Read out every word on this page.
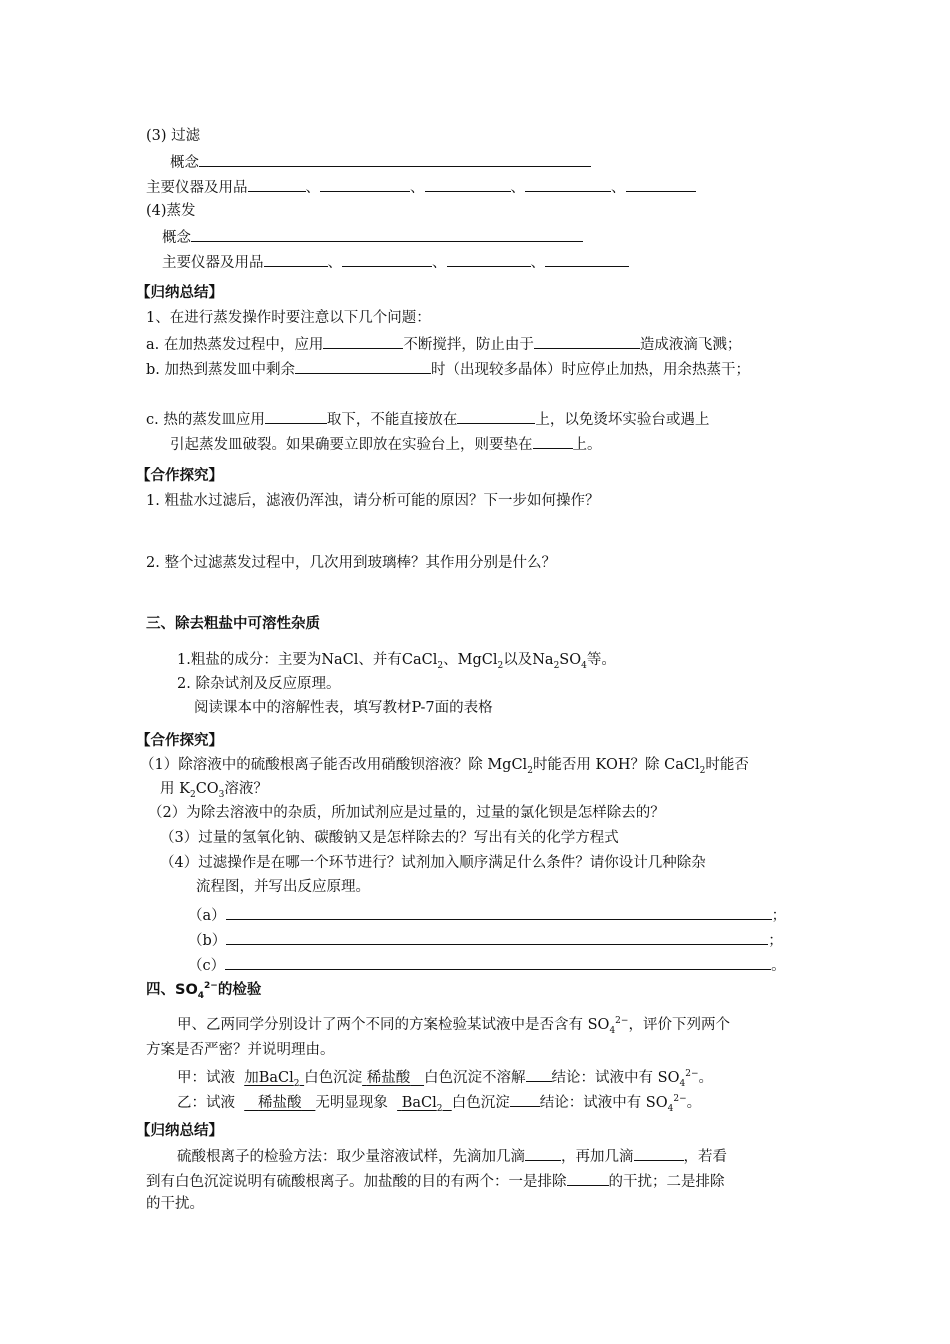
(3) 过滤
概念
主要仪器及用品	、	、	、	、
(4)蒸发
概念
主要仪器及用品	、	、	、
【归纳总结】
1、在进行蒸发操作时要注意以下几个问题：
a. 在加热蒸发过程中，应用	不断搅拌，防止由于	造成液滴飞溅；
b. 加热到蒸发皿中剩余	时（出现较多晶体）时应停止加热，用余热蒸干；
c. 热的蒸发皿应用	取下，不能直接放在	上，以免烫坏实验台或遇上
引起蒸发皿破裂。如果确要立即放在实验台上，则要垫在	上。
【合作探究】
1. 粗盐水过滤后，滤液仍浑浊，请分析可能的原因？下一步如何操作？
2. 整个过滤蒸发过程中，几次用到玻璃棒？其作用分别是什么？
三、除去粗盐中可溶性杂质
1.粗盐的成分：主要为NaCl、并有CaCl$_2$、MgCl$_2$以及$Na_2SO_4$等。
2. 除杂试剂及反应原理。
阅读课本中的溶解性表，填写教材P-7面的表格
【合作探究】
（1）除溶液中的硫酸根离子能否改用硝酸钡溶液？除 MgCl$_2$时能否用 KOH？除 CaCl$_2$时能否
用 $K_2CO_3$溶液？
（2）为除去溶液中的杂质，所加试剂应是过量的，过量的氯化钡是怎样除去的？
（3）过量的氢氧化钠、碳酸钠又是怎样除去的？写出有关的化学方程式
（4）过滤操作是在哪一个环节进行？试剂加入顺序满足什么条件？请你设计几种除杂
流程图，并写出反应原理。
（a）	；
（b）	；
（c）	。
四、$SO_4^{2-}$的检验
甲、乙两同学分别设计了两个不同的方案检验某试液中是否含有 $SO_4^{2-}$，评价下列两个
方案是否严密？并说明理由。
甲：试液 加BaCl$_2$ 白色沉淀 稀盐酸 白色沉淀不溶解 结论：试液中有 $SO_4^{2-}$。
乙：试液 稀盐酸 无明显现象 BaCl$_2$ 白色沉淀 结论：试液中有 $SO_4^{2-}$。
【归纳总结】
硫酸根离子的检验方法：取少量溶液试样，先滴加几滴 ，再加几滴	，若看
到有白色沉淀说明有硫酸根离子。加盐酸的目的有两个：一是排除	的干扰；二是排除
的干扰。
